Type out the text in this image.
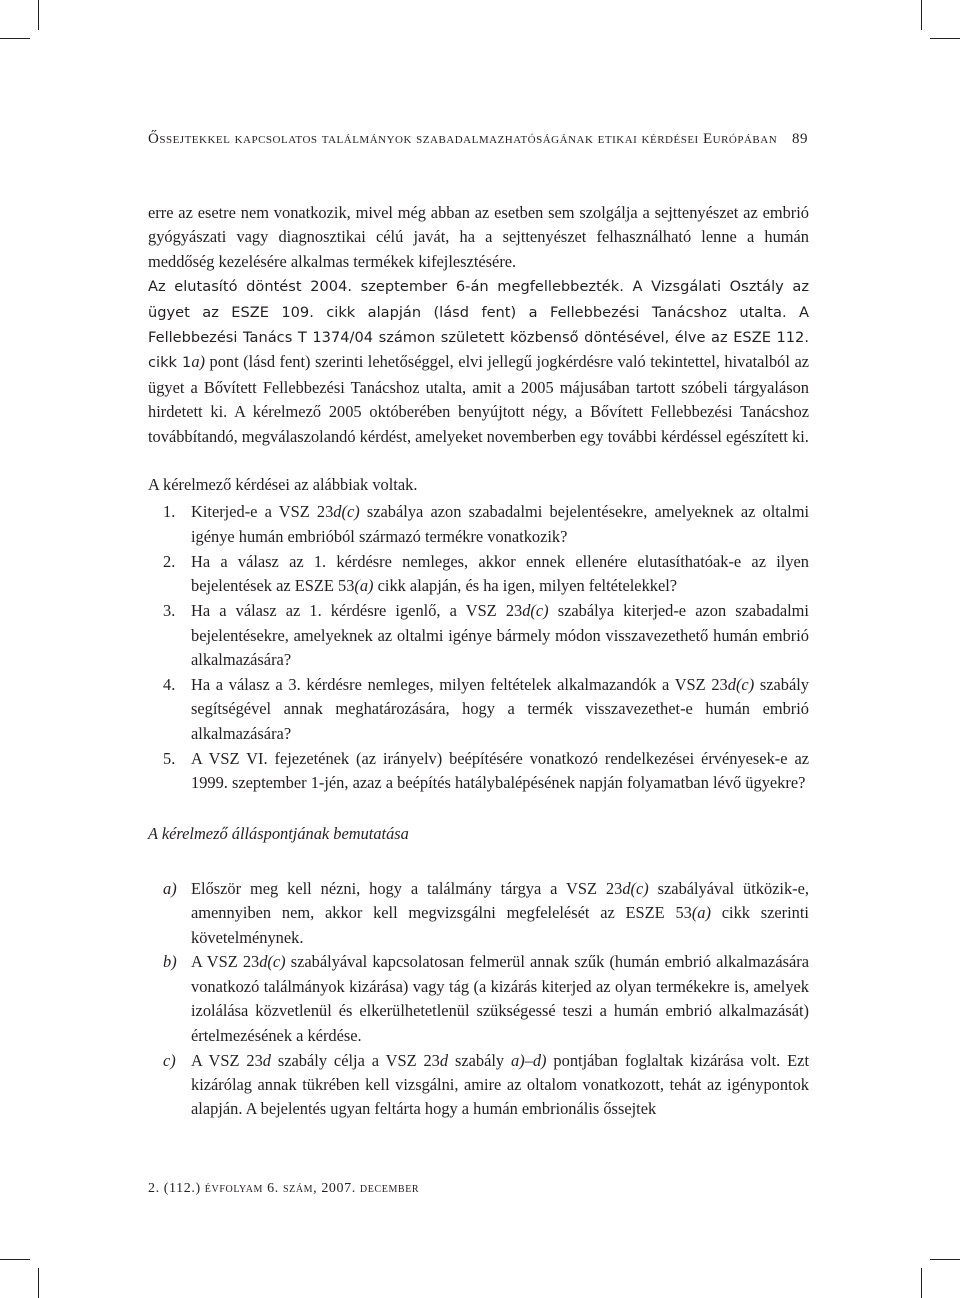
Őssejtekkel kapcsolatos találmányok szabadalmazhatóságának etikai kérdései Európában 89

erre az esetre nem vonatkozik, mivel még abban az esetben sem szolgálja a sejttenyészet az embrió gyógyászati vagy diagnosztikai célú javát, ha a sejttenyészet felhasználható lenne a humán meddőség kezelésére alkalmas termékek kifejlesztésére.

Az elutasító döntést 2004. szeptember 6-án megfellebbezték. A Vizsgálati Osztály az ügyet az ESZE 109. cikk alapján (lásd fent) a Fellebbezési Tanácshoz utalta. A Fellebbezési Tanács T 1374/04 számon született közbenső döntésével, élve az ESZE 112. cikk 1a) pont (lásd fent) szerinti lehetőséggel, elvi jellegű jogkérdésre való tekintettel, hivatalból az ügyet a Bővített Fellebbezési Tanácshoz utalta, amit a 2005 májusában tartott szóbeli tárgyaláson hirdetett ki. A kérelmező 2005 októberében benyújtott négy, a Bővített Fellebbezési Tanácshoz továbbítandó, megválaszolandó kérdést, amelyeket novemberben egy további kérdéssel egészített ki.

A kérelmező kérdései az alábbiak voltak.

1. Kiterjed-e a VSZ 23d(c) szabálya azon szabadalmi bejelentésekre, amelyeknek az oltalmi igénye humán embrióból származó termékre vonatkozik?
2. Ha a válasz az 1. kérdésre nemleges, akkor ennek ellenére elutasíthatóak-e az ilyen bejelentések az ESZE 53(a) cikk alapján, és ha igen, milyen feltételekkel?
3. Ha a válasz az 1. kérdésre igenlő, a VSZ 23d(c) szabálya kiterjed-e azon szabadalmi bejelentésekre, amelyeknek az oltalmi igénye bármely módon visszavezethető humán embrió alkalmazására?
4. Ha a válasz a 3. kérdésre nemleges, milyen feltételek alkalmazandók a VSZ 23d(c) szabály segítségével annak meghatározására, hogy a termék visszavezethet-e humán embrió alkalmazására?
5. A VSZ VI. fejezetének (az irányelv) beépítésére vonatkozó rendelkezései érvényesek-e az 1999. szeptember 1-jén, azaz a beépítés hatálybalépésének napján folyamatban lévő ügyekre?

A kérelmező álláspontjának bemutatása

a) Először meg kell nézni, hogy a találmány tárgya a VSZ 23d(c) szabályával ütközik-e, amennyiben nem, akkor kell megvizsgálni megfelelését az ESZE 53(a) cikk szerinti követelménynek.
b) A VSZ 23d(c) szabályával kapcsolatosan felmerül annak szűk (humán embrió alkalmazására vonatkozó találmányok kizárása) vagy tág (a kizárás kiterjed az olyan termékekre is, amelyek izolálása közvetlenül és elkerülhetetlenül szükségessé teszi a humán embrió alkalmazását) értelmezésének a kérdése.
c) A VSZ 23d szabály célja a VSZ 23d szabály a)–d) pontjában foglaltak kizárása volt. Ezt kizárólag annak tükrében kell vizsgálni, amire az oltalom vonatkozott, tehát az igénypontok alapján. A bejelentés ugyan feltárta hogy a humán embrionális őssejtek
2. (112.) évfolyam 6. szám, 2007. december
